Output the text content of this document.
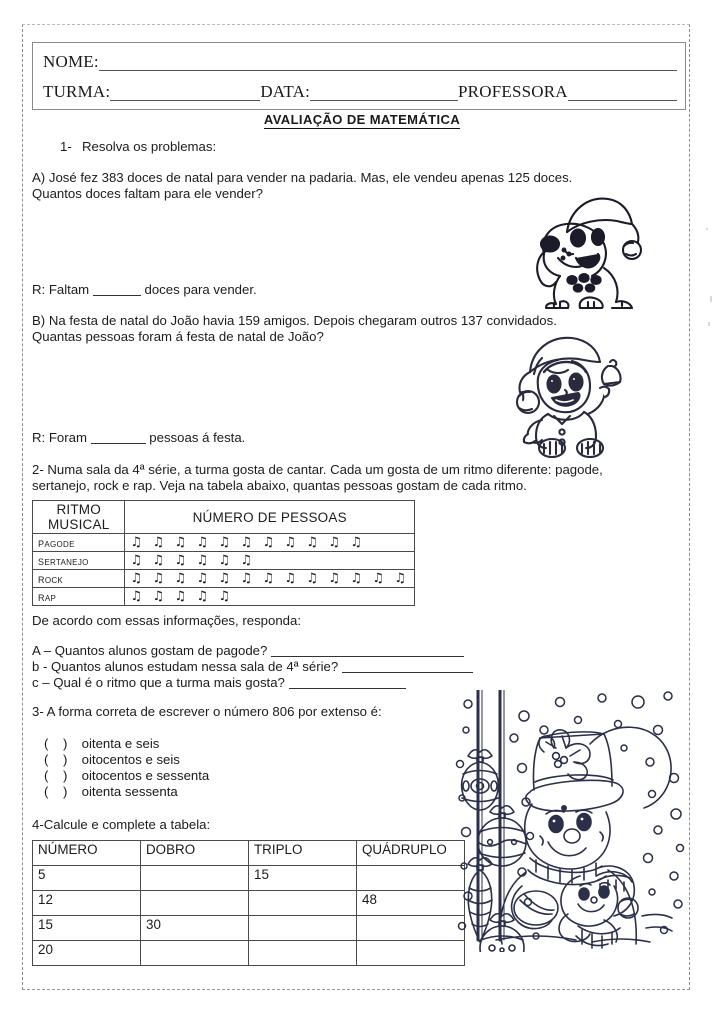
NOME:
TURMA:	DATA:	PROFESSORA
AVALIAÇÃO DE MATEMÁTICA
1- Resolva os problemas:
A) José fez 383 doces de natal para vender na padaria. Mas, ele vendeu apenas 125 doces.
Quantos doces faltam para ele vender?
R: Faltam	doces para vender.
B) Na festa de natal do João havia 159 amigos. Depois chegaram outros 137 convidados.
Quantas pessoas foram á festa de natal de João?
R: Foram	pessoas á festa.
2- Numa sala da 4ª série, a turma gosta de cantar. Cada um gosta de um ritmo diferente: pagode,
sertanejo, rock e rap. Veja na tabela abaixo, quantas pessoas gostam de cada ritmo.
RITMO MUSICAL	NÚMERO DE PESSOAS
pagode	♫ ♫ ♫ ♫ ♫ ♫ ♫ ♫ ♫ ♫ ♫
sertanejo	♫ ♫ ♫ ♫ ♫ ♫
rock	♫ ♫ ♫ ♫ ♫ ♫ ♫ ♫ ♫ ♫ ♫ ♫ ♫
rap	♫ ♫ ♫ ♫ ♫
De acordo com essas informações, responda:
A – Quantos alunos gostam de pagode?
b - Quantos alunos estudam nessa sala de 4ª série?
c – Qual é o ritmo que a turma mais gosta?
3- A forma correta de escrever o número 806 por extenso é:
(    ) oitenta e seis
(    ) oitocentos e seis
(    ) oitocentos e sessenta
(    ) oitenta sessenta
4-Calcule e complete a tabela:
NÚMERO	DOBRO	TRIPLO	QUÁDRUPLO
5		15	
12			48
15	30		
20			
